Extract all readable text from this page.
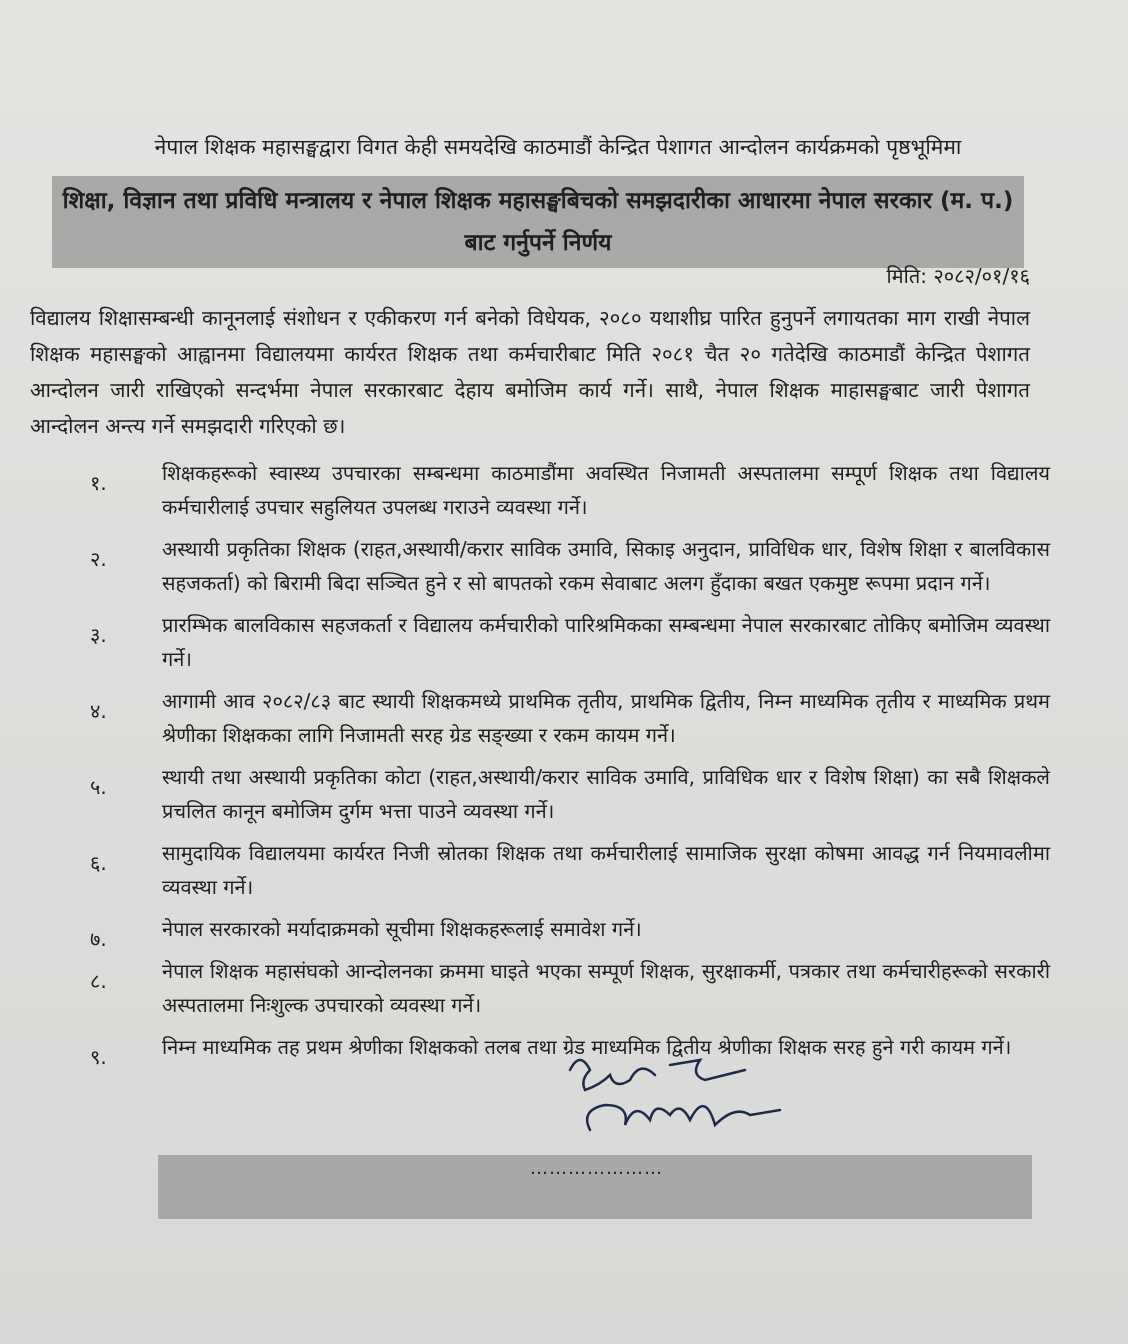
नेपाल शिक्षक महासङ्घद्वारा विगत केही समयदेखि काठमाडौं केन्द्रित पेशागत आन्दोलन कार्यक्रमको पृष्ठभूमिमा
शिक्षा, विज्ञान तथा प्रविधि मन्त्रालय र नेपाल शिक्षक महासङ्घबिचको समझदारीका आधारमा नेपाल सरकार (म. प.) बाट गर्नुपर्ने निर्णय
मिति: २०८२/०१/१६
विद्यालय शिक्षासम्बन्धी कानूनलाई संशोधन र एकीकरण गर्न बनेको विधेयक, २०८० यथाशीघ्र पारित हुनुपर्ने लगायतका माग राखी नेपाल शिक्षक महासङ्घको आह्वानमा विद्यालयमा कार्यरत शिक्षक तथा कर्मचारीबाट मिति २०८१ चैत २० गतेदेखि काठमाडौं केन्द्रित पेशागत आन्दोलन जारी राखिएको सन्दर्भमा नेपाल सरकारबाट देहाय बमोजिम कार्य गर्ने। साथै, नेपाल शिक्षक माहासङ्घबाट जारी पेशागत आन्दोलन अन्त्य गर्ने समझदारी गरिएको छ।
१.	शिक्षकहरूको स्वास्थ्य उपचारका सम्बन्धमा काठमाडौंमा अवस्थित निजामती अस्पतालमा सम्पूर्ण शिक्षक तथा विद्यालय कर्मचारीलाई उपचार सहुलियत उपलब्ध गराउने व्यवस्था गर्ने।
२.	अस्थायी प्रकृतिका शिक्षक (राहत,अस्थायी/करार साविक उमावि, सिकाइ अनुदान, प्राविधिक धार, विशेष शिक्षा र बालविकास सहजकर्ता) को बिरामी बिदा सञ्चित हुने र सो बापतको रकम सेवाबाट अलग हुँदाका बखत एकमुष्ट रूपमा प्रदान गर्ने।
३.	प्रारम्भिक बालविकास सहजकर्ता र विद्यालय कर्मचारीको पारिश्रमिकका सम्बन्धमा नेपाल सरकारबाट तोकिए बमोजिम व्यवस्था गर्ने।
४.	आगामी आव २०८२/८३ बाट स्थायी शिक्षकमध्ये प्राथमिक तृतीय, प्राथमिक द्वितीय, निम्न माध्यमिक तृतीय र माध्यमिक प्रथम श्रेणीका शिक्षकका लागि निजामती सरह ग्रेड सङ्ख्या र रकम कायम गर्ने।
५.	स्थायी तथा अस्थायी प्रकृतिका कोटा (राहत,अस्थायी/करार साविक उमावि, प्राविधिक धार र विशेष शिक्षा) का सबै शिक्षकले प्रचलित कानून बमोजिम दुर्गम भत्ता पाउने व्यवस्था गर्ने।
६.	सामुदायिक विद्यालयमा कार्यरत निजी स्रोतका शिक्षक तथा कर्मचारीलाई सामाजिक सुरक्षा कोषमा आवद्ध गर्न नियमावलीमा व्यवस्था गर्ने।
७.	नेपाल सरकारको मर्यादाक्रमको सूचीमा शिक्षकहरूलाई समावेश गर्ने।
८.	नेपाल शिक्षक महासंघको आन्दोलनका क्रममा घाइते भएका सम्पूर्ण शिक्षक, सुरक्षाकर्मी, पत्रकार तथा कर्मचारीहरूको सरकारी अस्पतालमा निःशुल्क उपचारको व्यवस्था गर्ने।
९.	निम्न माध्यमिक तह प्रथम श्रेणीका शिक्षकको तलब तथा ग्रेड माध्यमिक द्वितीय श्रेणीका शिक्षक सरह हुने गरी कायम गर्ने।
…………………
